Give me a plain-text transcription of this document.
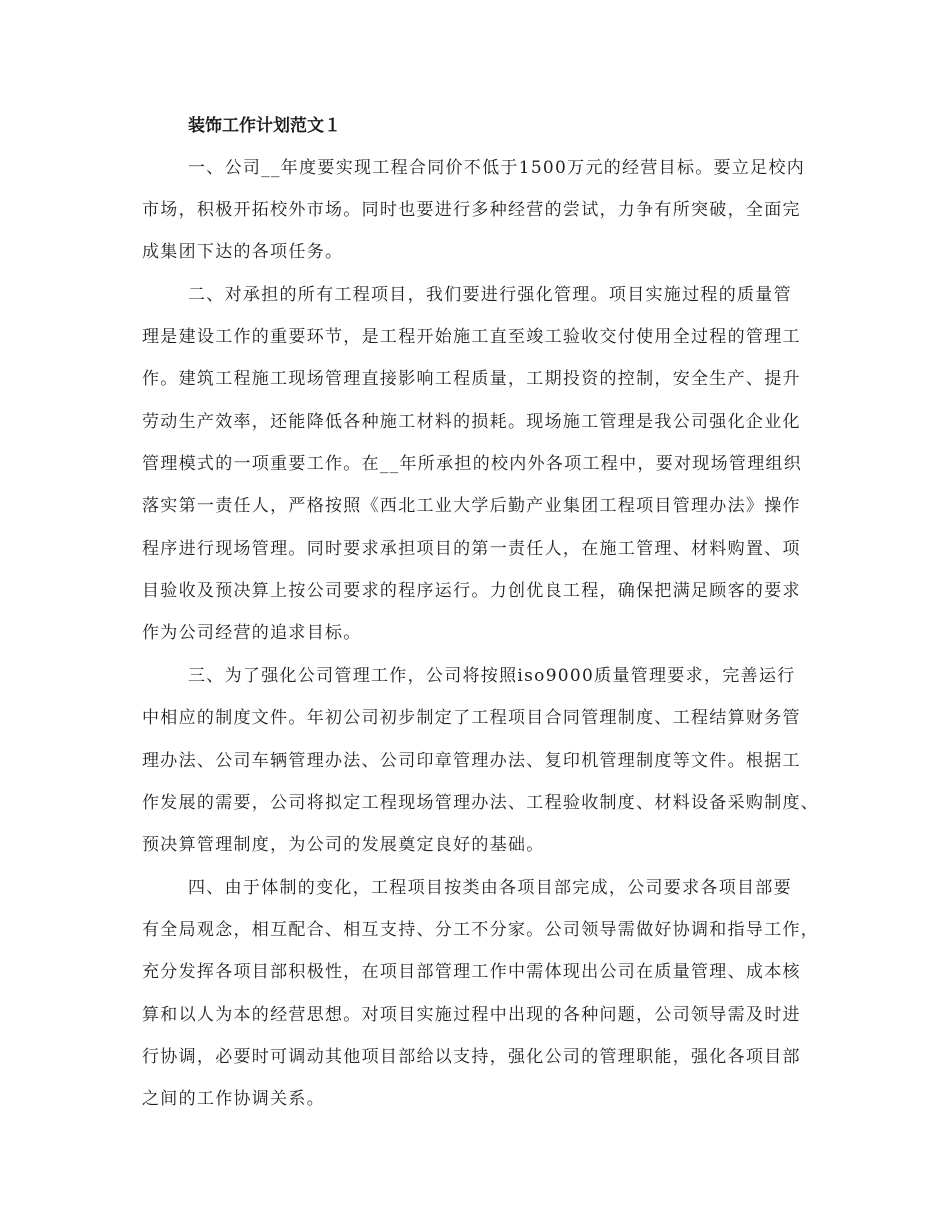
装饰工作计划范文１

一、公司__年度要实现工程合同价不低于1500万元的经营目标。要立足校内

市场，积极开拓校外市场。同时也要进行多种经营的尝试，力争有所突破，全面完

成集团下达的各项任务。

二、对承担的所有工程项目，我们要进行强化管理。项目实施过程的质量管

理是建设工作的重要环节，是工程开始施工直至竣工验收交付使用全过程的管理工

作。建筑工程施工现场管理直接影响工程质量，工期投资的控制，安全生产、提升

劳动生产效率，还能降低各种施工材料的损耗。现场施工管理是我公司强化企业化

管理模式的一项重要工作。在__年所承担的校内外各项工程中，要对现场管理组织

落实第一责任人，严格按照《西北工业大学后勤产业集团工程项目管理办法》操作

程序进行现场管理。同时要求承担项目的第一责任人，在施工管理、材料购置、项

目验收及预决算上按公司要求的程序运行。力创优良工程，确保把满足顾客的要求

作为公司经营的追求目标。

三、为了强化公司管理工作，公司将按照iso9000质量管理要求，完善运行

中相应的制度文件。年初公司初步制定了工程项目合同管理制度、工程结算财务管

理办法、公司车辆管理办法、公司印章管理办法、复印机管理制度等文件。根据工

作发展的需要，公司将拟定工程现场管理办法、工程验收制度、材料设备采购制度、

预决算管理制度，为公司的发展奠定良好的基础。

四、由于体制的变化，工程项目按类由各项目部完成，公司要求各项目部要

有全局观念，相互配合、相互支持、分工不分家。公司领导需做好协调和指导工作，

充分发挥各项目部积极性，在项目部管理工作中需体现出公司在质量管理、成本核

算和以人为本的经营思想。对项目实施过程中出现的各种问题，公司领导需及时进

行协调，必要时可调动其他项目部给以支持，强化公司的管理职能，强化各项目部

之间的工作协调关系。
